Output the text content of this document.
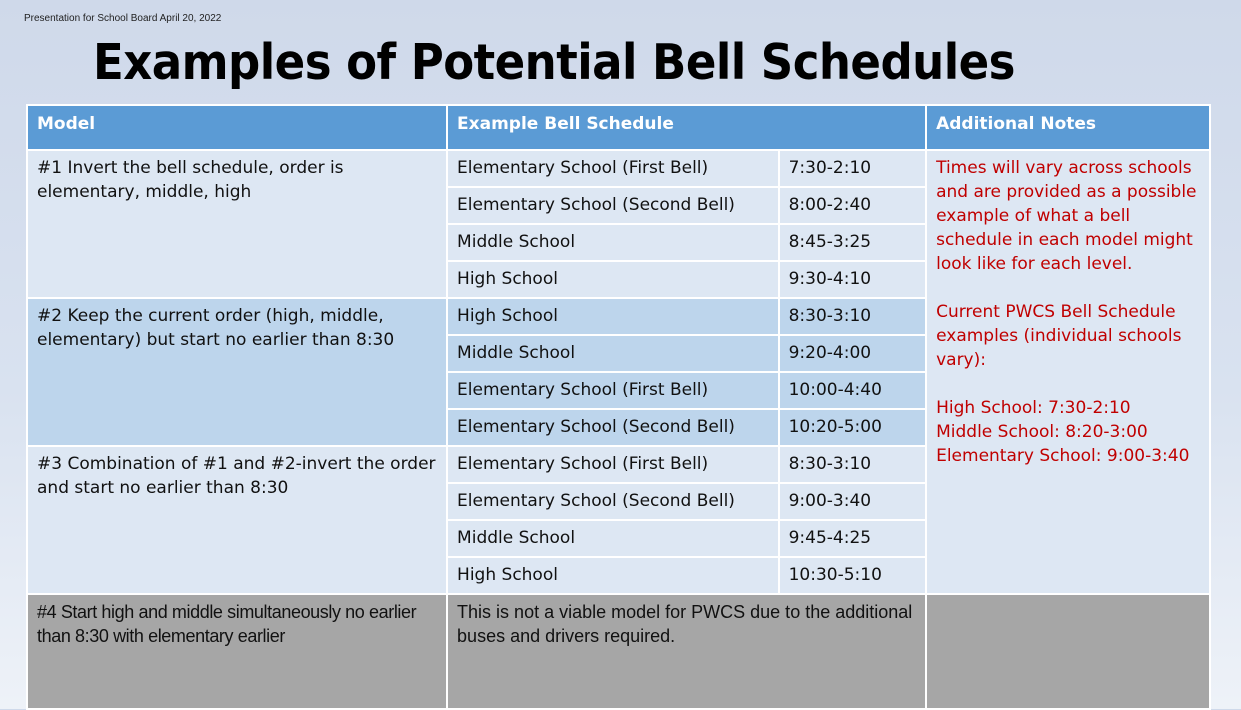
Presentation for School Board April 20, 2022
Examples of Potential Bell Schedules
Model	Example Bell Schedule		Additional Notes
#1 Invert the bell schedule, order is elementary, middle, high	Elementary School (First Bell)	7:30-2:10	Times will vary across schools and are provided as a possible example of what a bell schedule in each model might look like for each level.
Current PWCS Bell Schedule examples (individual schools vary):
High School: 7:30-2:10
Middle School: 8:20-3:00
Elementary School: 9:00-3:40

	Elementary School (Second Bell)	8:00-2:40	
	Middle School	8:45-3:25	
	High School	9:30-4:10	
#2 Keep the current order (high, middle, elementary) but start no earlier than 8:30	High School	8:30-3:10	
	Middle School	9:20-4:00	
	Elementary School (First Bell)	10:00-4:40	
	Elementary School (Second Bell)	10:20-5:00	
#3 Combination of #1 and #2-invert the order and start no earlier than 8:30	Elementary School (First Bell)	8:30-3:10	
	Elementary School (Second Bell)	9:00-3:40	
	Middle School	9:45-4:25	
	High School	10:30-5:10	
#4 Start high and middle simultaneously no earlier than 8:30 with elementary earlier	This is not a viable model for PWCS due to the additional buses and drivers required.		
